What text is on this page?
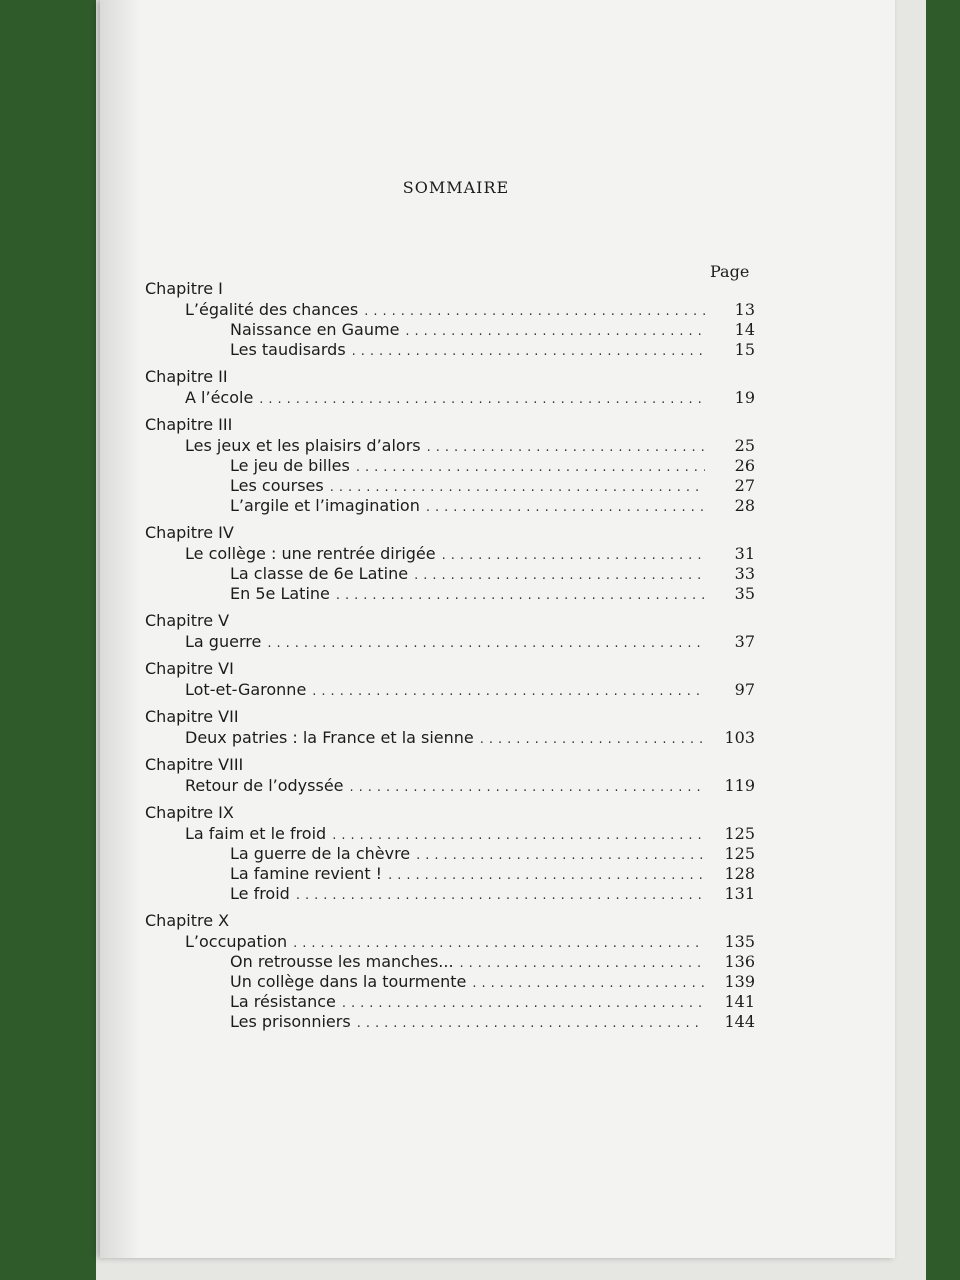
SOMMAIRE
Page
Chapitre I
L’égalité des chances .....	13
Naissance en Gaume .....	14
Les taudisards .....	15
Chapitre II
A l’école .....	19
Chapitre III
Les jeux et les plaisirs d’alors .....	25
Le jeu de billes .....	26
Les courses .....	27
L’argile et l’imagination .....	28
Chapitre IV
Le collège : une rentrée dirigée .....	31
La classe de 6e Latine .....	33
En 5e Latine .....	35
Chapitre V
La guerre .....	37
Chapitre VI
Lot-et-Garonne .....	97
Chapitre VII
Deux patries : la France et la sienne .....	103
Chapitre VIII
Retour de l’odyssée .....	119
Chapitre IX
La faim et le froid .....	125
La guerre de la chèvre .....	125
La famine revient ! .....	128
Le froid .....	131
Chapitre X
L’occupation .....	135
On retrousse les manches... .....	136
Un collège dans la tourmente .....	139
La résistance .....	141
Les prisonniers .....	144
